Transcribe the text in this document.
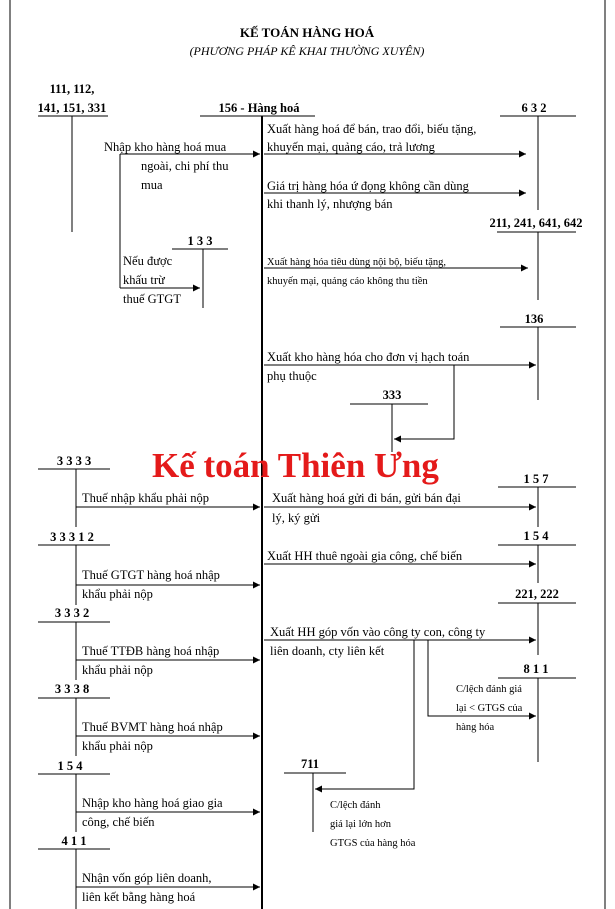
KẾ TOÁN HÀNG HOÁ
(PHƯƠNG PHÁP KÊ KHAI THƯỜNG XUYÊN)
156 - Hàng hoá
111, 112,
141, 151, 331
Nhập kho hàng hoá mua
ngoài, chi phí thu
mua
Nếu được
khấu trừ
thuế GTGT
1 3 3
6 3 2
Xuất hàng hoá để bán, trao đổi, biếu tặng,
khuyến mại, quảng cáo, trả lương
Giá trị hàng hóa ứ đọng không cần dùng
khi thanh lý, nhượng bán
211, 241, 641, 642
Xuất hàng hóa tiêu dùng nội bộ, biếu tặng,
khuyến mại, quảng cáo không thu tiền
136
Xuất kho hàng hóa cho đơn vị hạch toán
phụ thuộc
333
Kế toán Thiên Ưng
3 3 3 3
Thuế nhập khẩu phải nộp
1 5 7
Xuất hàng hoá gửi đi bán, gửi bán đại
lý, ký gửi
3 3 3 1 2
Thuế GTGT hàng hoá nhập
khẩu phải nộp
1 5 4
Xuất HH thuê ngoài gia công, chế biến
221, 222
Xuất HH góp vốn vào công ty con, công ty
liên doanh, cty liên kết
3 3 3 2
Thuế TTĐB hàng hoá nhập
khẩu phải nộp	8 1 1
C/lệch đánh giá
lại < GTGS của
hàng hóa
3 3 3 8
Thuế BVMT hàng hoá nhập
khẩu phải nộp
1 5 4
Nhập kho hàng hoá giao gia
công, chế biến
711
C/lệch đánh
giá lại lớn hơn
GTGS của hàng hóa
4 1 1
Nhận vốn góp liên doanh,
liên kết bằng hàng hoá
